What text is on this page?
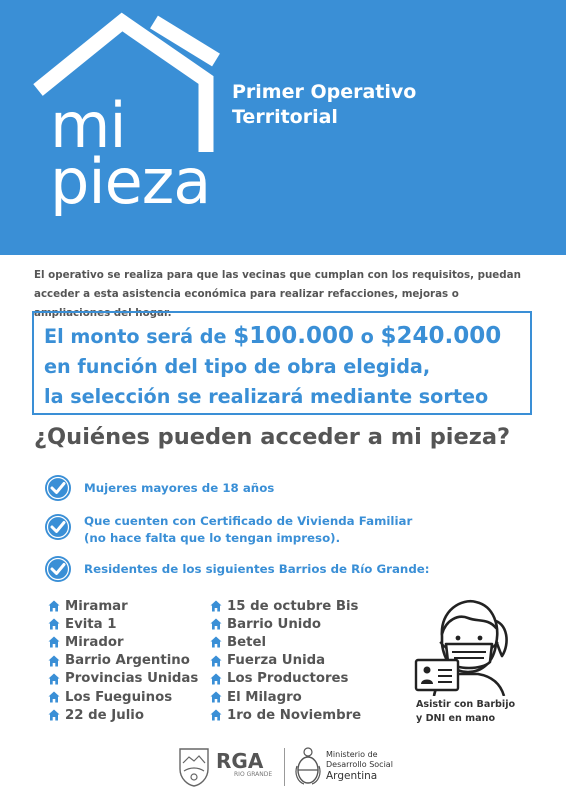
mi
pieza
Primer Operativo
Territorial

El operativo se realiza para que las vecinas que cumplan con los requisitos, puedan acceder a esta asistencia económica para realizar refacciones, mejoras o ampliaciones del hogar.

El monto será de $100.000 o $240.000
en función del tipo de obra elegida,
la selección se realizará mediante sorteo
¿Quiénes pueden acceder a mi pieza?
Mujeres mayores de 18 años
Que cuenten con Certificado de Vivienda Familiar
(no hace falta que lo tengan impreso).
Residentes de los siguientes Barrios de Río Grande:
Miramar
Evita 1
Mirador
Barrio Argentino
Provincias Unidas
Los Fueguinos
22 de Julio
15 de octubre Bis
Barrio Unido
Betel
Fuerza Unida
Los Productores
El Milagro
1ro de Noviembre
Asistir con Barbijo
y DNI en mano
RGA
RIO GRANDE
Ministerio de
Desarrollo Social
Argentina
